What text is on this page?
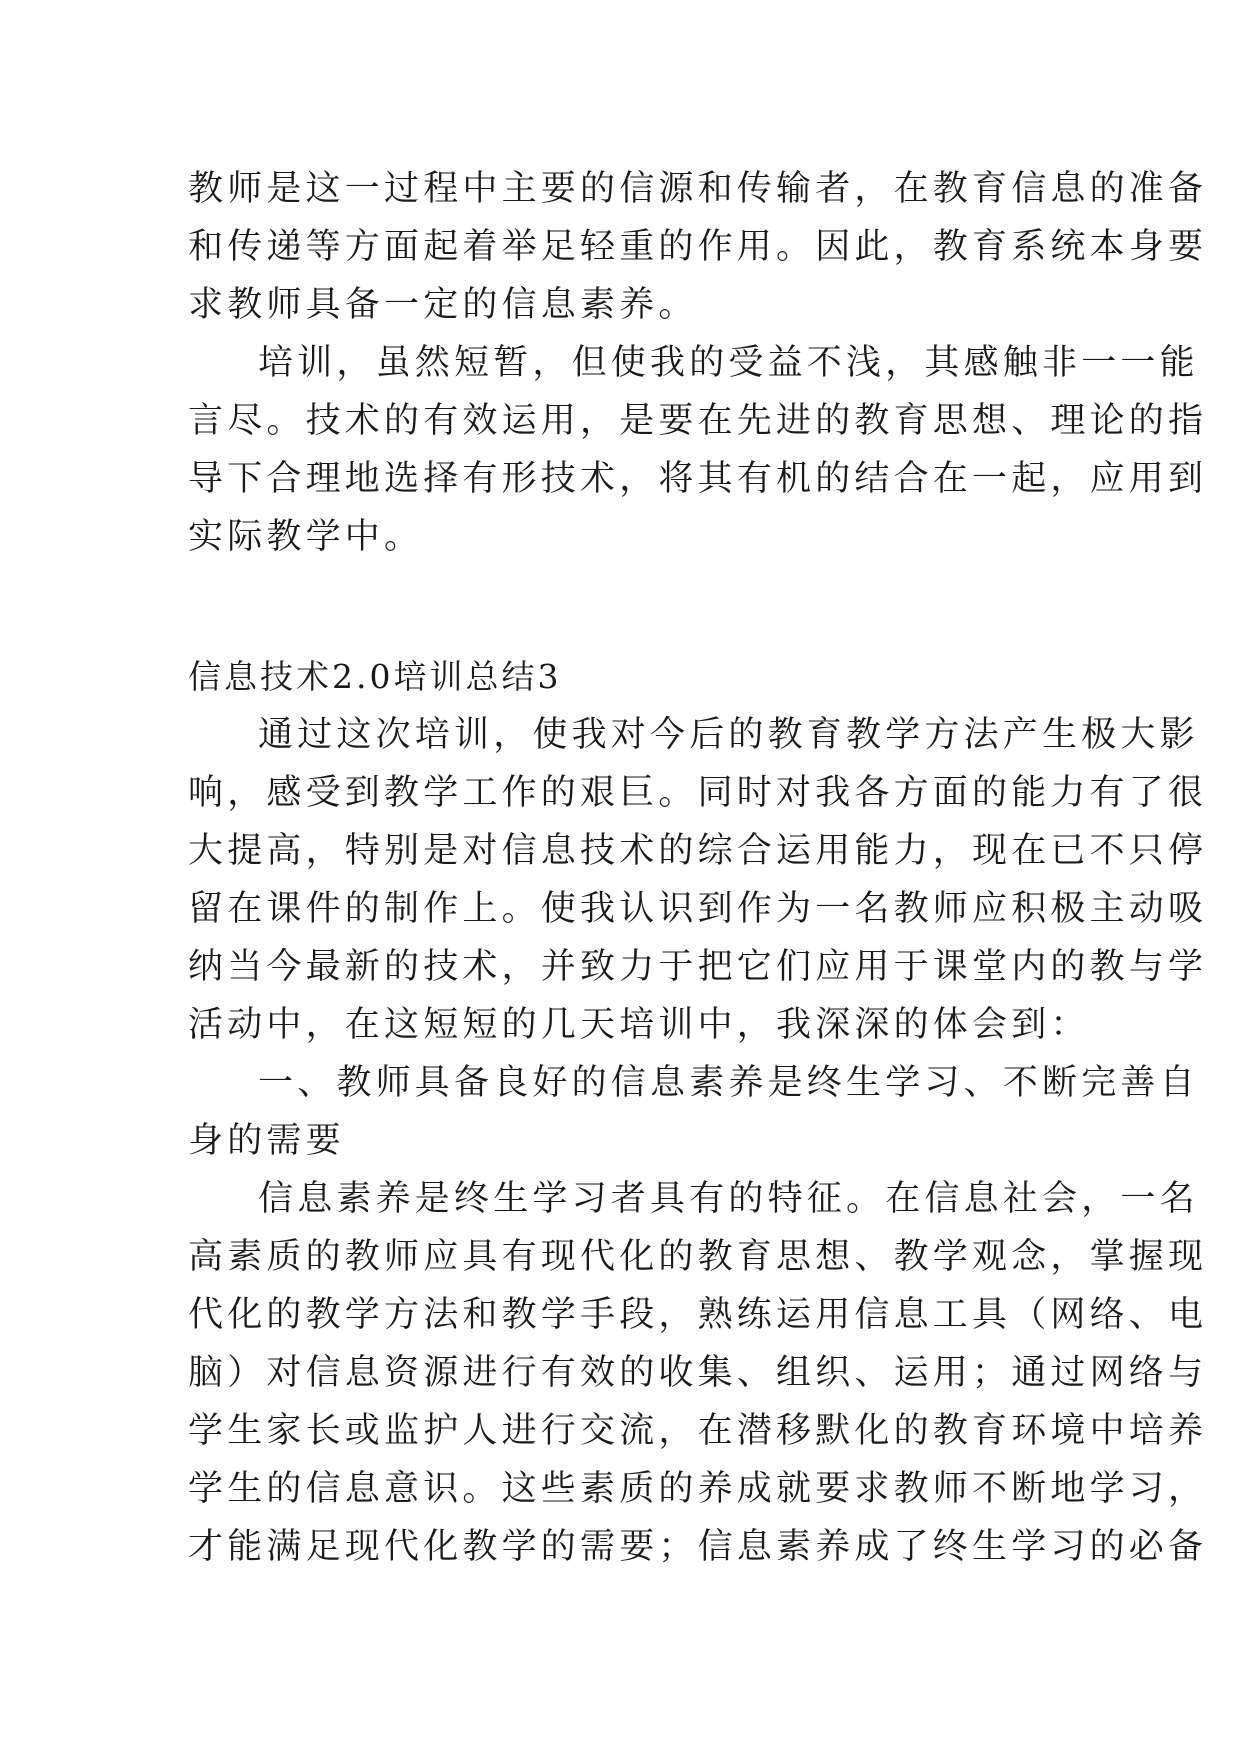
教师是这一过程中主要的信源和传输者，在教育信息的准备
和传递等方面起着举足轻重的作用。因此，教育系统本身要
求教师具备一定的信息素养。
培训，虽然短暂，但使我的受益不浅，其感触非一一能
言尽。技术的有效运用，是要在先进的教育思想、理论的指
导下合理地选择有形技术，将其有机的结合在一起，应用到
实际教学中。
信息技术2.0培训总结3
通过这次培训，使我对今后的教育教学方法产生极大影
响，感受到教学工作的艰巨。同时对我各方面的能力有了很
大提高，特别是对信息技术的综合运用能力，现在已不只停
留在课件的制作上。使我认识到作为一名教师应积极主动吸
纳当今最新的技术，并致力于把它们应用于课堂内的教与学
活动中，在这短短的几天培训中，我深深的体会到：
一、教师具备良好的信息素养是终生学习、不断完善自
身的需要
信息素养是终生学习者具有的特征。在信息社会，一名
高素质的教师应具有现代化的教育思想、教学观念，掌握现
代化的教学方法和教学手段，熟练运用信息工具（网络、电
脑）对信息资源进行有效的收集、组织、运用；通过网络与
学生家长或监护人进行交流，在潜移默化的教育环境中培养
学生的信息意识。这些素质的养成就要求教师不断地学习，
才能满足现代化教学的需要；信息素养成了终生学习的必备
